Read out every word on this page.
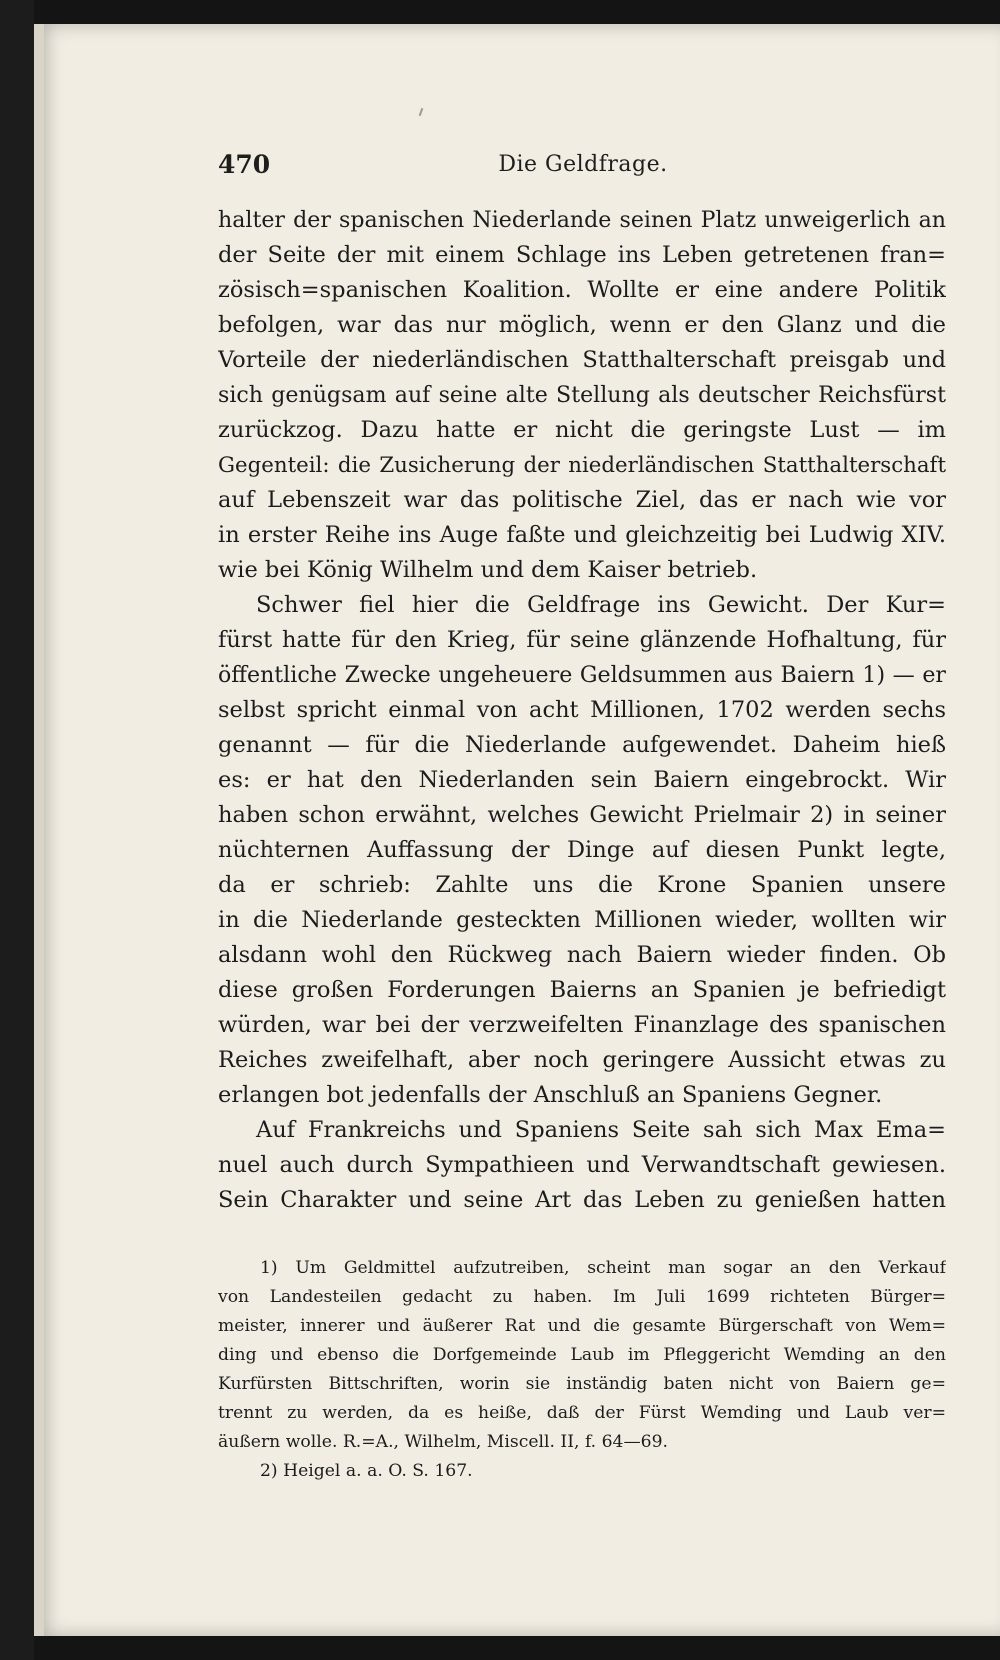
470	Die Geldfrage.
halter der spanischen Niederlande seinen Platz unweigerlich an
der Seite der mit einem Schlage ins Leben getretenen fran=
zösisch=spanischen Koalition. Wollte er eine andere Politik
befolgen, war das nur möglich, wenn er den Glanz und die
Vorteile der niederländischen Statthalterschaft preisgab und
sich genügsam auf seine alte Stellung als deutscher Reichsfürst
zurückzog. Dazu hatte er nicht die geringste Lust — im
Gegenteil: die Zusicherung der niederländischen Statthalterschaft
auf Lebenszeit war das politische Ziel, das er nach wie vor
in erster Reihe ins Auge faßte und gleichzeitig bei Ludwig XIV.
wie bei König Wilhelm und dem Kaiser betrieb.
Schwer fiel hier die Geldfrage ins Gewicht. Der Kur=
fürst hatte für den Krieg, für seine glänzende Hofhaltung, für
öffentliche Zwecke ungeheuere Geldsummen aus Baiern 1) — er
selbst spricht einmal von acht Millionen, 1702 werden sechs
genannt — für die Niederlande aufgewendet. Daheim hieß
es: er hat den Niederlanden sein Baiern eingebrockt. Wir
haben schon erwähnt, welches Gewicht Prielmair 2) in seiner
nüchternen Auffassung der Dinge auf diesen Punkt legte,
da er schrieb: Zahlte uns die Krone Spanien unsere
in die Niederlande gesteckten Millionen wieder, wollten wir
alsdann wohl den Rückweg nach Baiern wieder finden. Ob
diese großen Forderungen Baierns an Spanien je befriedigt
würden, war bei der verzweifelten Finanzlage des spanischen
Reiches zweifelhaft, aber noch geringere Aussicht etwas zu
erlangen bot jedenfalls der Anschluß an Spaniens Gegner.
Auf Frankreichs und Spaniens Seite sah sich Max Ema=
nuel auch durch Sympathieen und Verwandtschaft gewiesen.
Sein Charakter und seine Art das Leben zu genießen hatten
1) Um Geldmittel aufzutreiben, scheint man sogar an den Verkauf
von Landesteilen gedacht zu haben. Im Juli 1699 richteten Bürger=
meister, innerer und äußerer Rat und die gesamte Bürgerschaft von Wem=
ding und ebenso die Dorfgemeinde Laub im Pfleggericht Wemding an den
Kurfürsten Bittschriften, worin sie inständig baten nicht von Baiern ge=
trennt zu werden, da es heiße, daß der Fürst Wemding und Laub ver=
äußern wolle. R.=A., Wilhelm, Miscell. II, f. 64—69.
2) Heigel a. a. O. S. 167.
